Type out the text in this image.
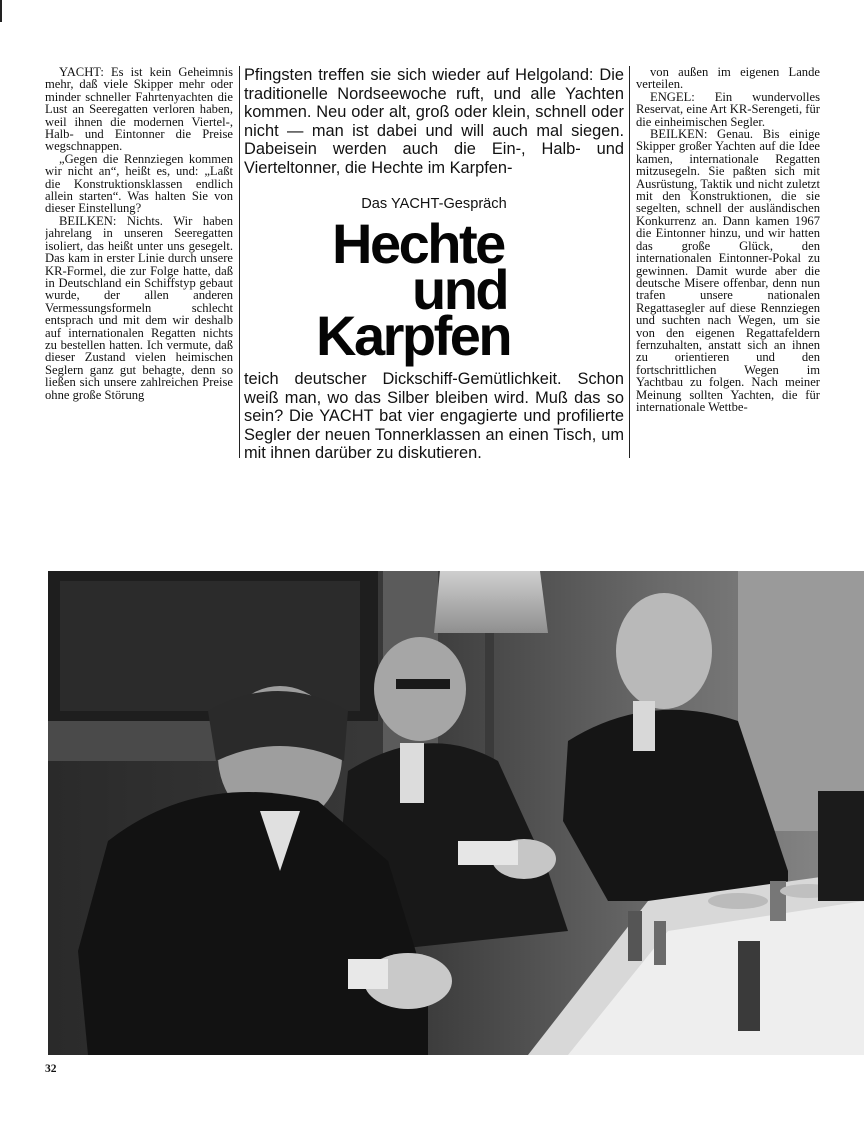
YACHT: Es ist kein Geheimnis mehr, daß viele Skipper mehr oder minder schneller Fahrtenyachten die Lust an Seeregatten verloren haben, weil ihnen die modernen Viertel-, Halb- und Eintonner die Preise wegschnappen.

„Gegen die Rennziegen kommen wir nicht an“, heißt es, und: „Laßt die Konstruktionsklassen endlich allein starten“. Was halten Sie von dieser Einstellung?

BEILKEN: Nichts. Wir haben jahrelang in unseren Seeregatten isoliert, das heißt unter uns gesegelt. Das kam in erster Linie durch unsere KR-Formel, die zur Folge hatte, daß in Deutschland ein Schiffstyp gebaut wurde, der allen anderen Vermessungsformeln schlecht entsprach und mit dem wir deshalb auf internationalen Regatten nichts zu bestellen hatten. Ich vermute, daß dieser Zustand vielen heimischen Seglern ganz gut behagte, denn so ließen sich unsere zahlreichen Preise ohne große Störung

Pfingsten treffen sie sich wieder auf Helgoland: Die traditionelle Nordseewoche ruft, und alle Yachten kommen. Neu oder alt, groß oder klein, schnell oder nicht — man ist dabei und will auch mal siegen. Dabeisein werden auch die Ein-, Halb- und Vierteltonner, die Hechte im Karpfen-
Das YACHT-Gespräch
Hechte
und
Karpfen
teich deutscher Dickschiff-Gemütlichkeit. Schon weiß man, wo das Silber bleiben wird. Muß das so sein? Die YACHT bat vier engagierte und profilierte Segler der neuen Tonnerklassen an einen Tisch, um mit ihnen darüber zu diskutieren.

von außen im eigenen Lande verteilen.

ENGEL: Ein wundervolles Reservat, eine Art KR-Serengeti, für die einheimischen Segler.

BEILKEN: Genau. Bis einige Skipper großer Yachten auf die Idee kamen, internationale Regatten mitzusegeln. Sie paßten sich mit Ausrüstung, Taktik und nicht zuletzt mit den Konstruktionen, die sie segelten, schnell der ausländischen Konkurrenz an. Dann kamen 1967 die Eintonner hinzu, und wir hatten das große Glück, den internationalen Eintonner-Pokal zu gewinnen. Damit wurde aber die deutsche Misere offenbar, denn nun trafen unsere nationalen Regattasegler auf diese Rennziegen und suchten nach Wegen, um sie von den eigenen Regattafeldern fernzuhalten, anstatt sich an ihnen zu orientieren und den fortschrittlichen Wegen im Yachtbau zu folgen. Nach meiner Meinung sollten Yachten, die für internationale Wettbe-

32
